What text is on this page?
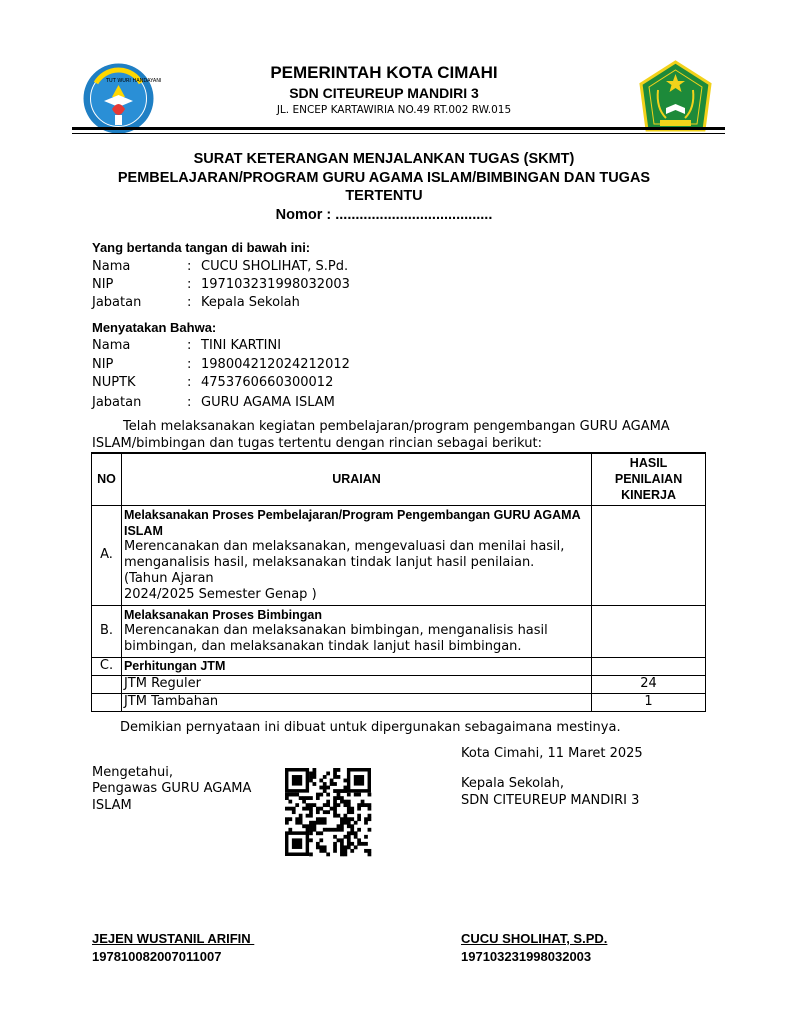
TUT WURI HANDAYANI	PEMERINTAH KOTA CIMAHI
SDN CITEUREUP MANDIRI 3
JL. ENCEP KARTAWIRIA NO.49 RT.002 RW.015
SURAT KETERANGAN MENJALANKAN TUGAS (SKMT)
PEMBELAJARAN/PROGRAM GURU AGAMA ISLAM/BIMBINGAN DAN TUGAS
TERTENTU
Nomor : .......................................
Yang bertanda tangan di bawah ini:
Nama	: CUCU SHOLIHAT, S.Pd.
NIP	: 197103231998032003
Jabatan	: Kepala Sekolah
Menyatakan Bahwa:
Nama	: TINI KARTINI
NIP	: 198004212024212012
NUPTK	: 4753760660300012
Jabatan	: GURU AGAMA ISLAM
Telah melaksanakan kegiatan pembelajaran/program pengembangan GURU AGAMA
ISLAM/bimbingan dan tugas tertentu dengan rincian sebagai berikut:
NO	URAIAN	HASIL
PENILAIAN
KINERJA

A.	Melaksanakan Proses Pembelajaran/Program Pengembangan GURU AGAMA ISLAM
Merencanakan dan melaksanakan, mengevaluasi dan menilai hasil,
menganalisis hasil, melaksanakan tindak lanjut hasil penilaian.
(Tahun Ajaran
2024/2025 Semester Genap )	

B.	Melaksanakan Proses Bimbingan
Merencanakan dan melaksanakan bimbingan, menganalisis hasil
bimbingan, dan melaksanakan tindak lanjut hasil bimbingan.	

C.	Perhitungan JTM	
	JTM Reguler	24
	JTM Tambahan	1
Demikian pernyataan ini dibuat untuk dipergunakan sebagaimana mestinya.
Kota Cimahi, 11 Maret 2025
Mengetahui,
Pengawas GURU AGAMA
ISLAM
Kepala Sekolah,
SDN CITEUREUP MANDIRI 3
JEJEN WUSTANIL ARIFIN
197810082007011007
CUCU SHOLIHAT, S.PD.
197103231998032003
